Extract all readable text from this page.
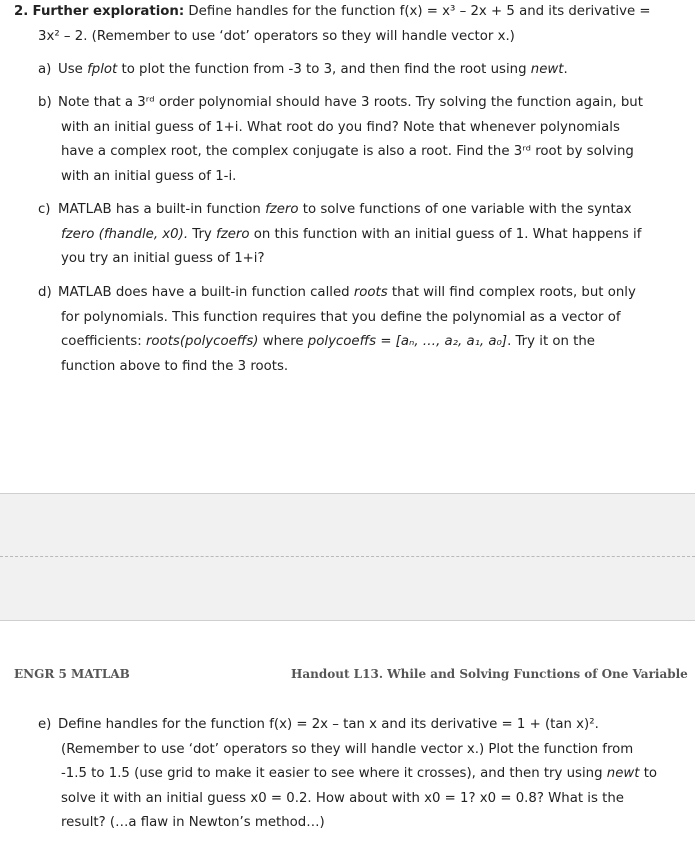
2. Further exploration: Define handles for the function f(x) = x³ – 2x + 5 and its derivative =
3x² – 2. (Remember to use ‘dot’ operators so they will handle vector x.)
a) Use fplot to plot the function from -3 to 3, and then find the root using newt.
b) Note that a 3ʳᵈ order polynomial should have 3 roots. Try solving the function again, but
with an initial guess of 1+i. What root do you find? Note that whenever polynomials
have a complex root, the complex conjugate is also a root. Find the 3ʳᵈ root by solving
with an initial guess of 1-i.
c) MATLAB has a built-in function fzero to solve functions of one variable with the syntax
fzero (fhandle, x0). Try fzero on this function with an initial guess of 1. What happens if
you try an initial guess of 1+i?
d) MATLAB does have a built-in function called roots that will find complex roots, but only
for polynomials. This function requires that you define the polynomial as a vector of
coefficients: roots(polycoeffs) where polycoeffs = [aₙ, …, a₂, a₁, a₀]. Try it on the
function above to find the 3 roots.
ENGR 5 MATLAB	Handout L13. While and Solving Functions of One Variable
e) Define handles for the function f(x) = 2x – tan x and its derivative = 1 + (tan x)².
(Remember to use ‘dot’ operators so they will handle vector x.) Plot the function from
-1.5 to 1.5 (use grid to make it easier to see where it crosses), and then try using newt to
solve it with an initial guess x0 = 0.2. How about with x0 = 1? x0 = 0.8? What is the
result? (…a flaw in Newton’s method…)
